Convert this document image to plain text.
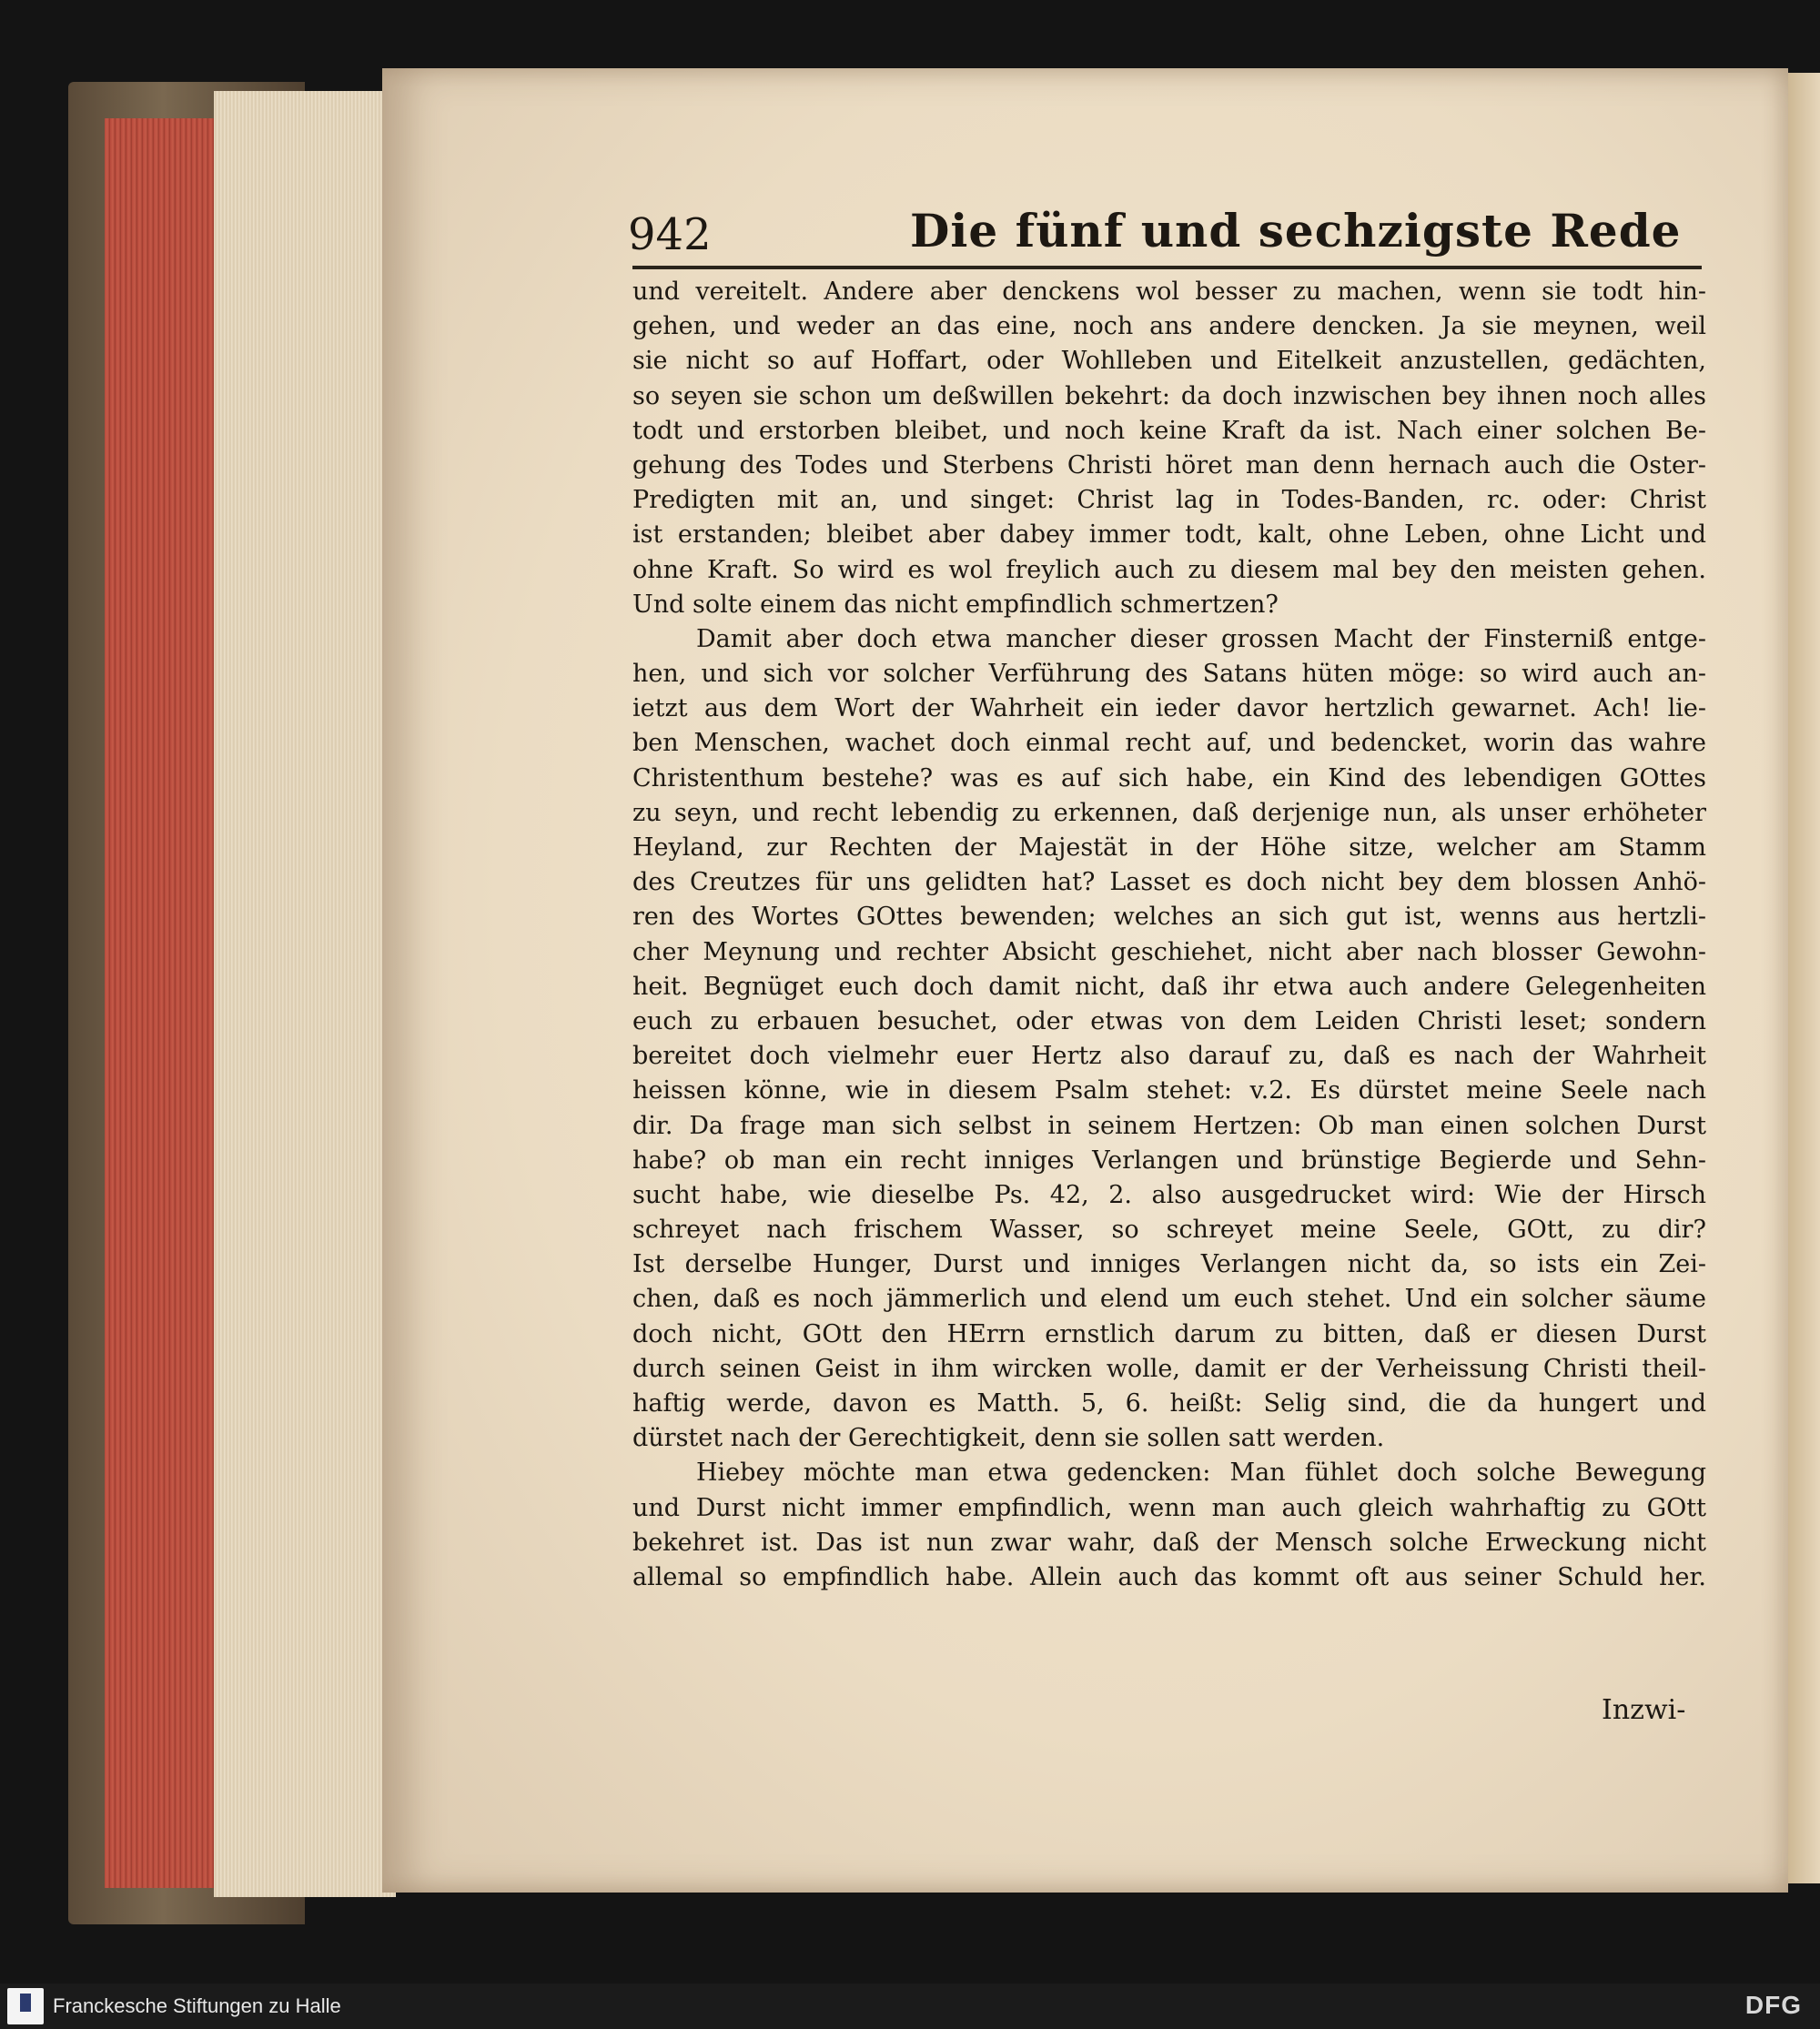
942	Die fünf und sechzigste Rede
und vereitelt. Andere aber denckens wol besser zu machen, wenn sie todt hin-
gehen, und weder an das eine, noch ans andere dencken. Ja sie meynen, weil
sie nicht so auf Hoffart, oder Wohlleben und Eitelkeit anzustellen, gedächten,
so seyen sie schon um deßwillen bekehrt: da doch inzwischen bey ihnen noch alles
todt und erstorben bleibet, und noch keine Kraft da ist. Nach einer solchen Be-
gehung des Todes und Sterbens Christi höret man denn hernach auch die Oster-
Predigten mit an, und singet: Christ lag in Todes-Banden, rc. oder: Christ
ist erstanden; bleibet aber dabey immer todt, kalt, ohne Leben, ohne Licht und
ohne Kraft. So wird es wol freylich auch zu diesem mal bey den meisten gehen.
Und solte einem das nicht empfindlich schmertzen?
Damit aber doch etwa mancher dieser grossen Macht der Finsterniß entge-
hen, und sich vor solcher Verführung des Satans hüten möge: so wird auch an-
ietzt aus dem Wort der Wahrheit ein ieder davor hertzlich gewarnet. Ach! lie-
ben Menschen, wachet doch einmal recht auf, und bedencket, worin das wahre
Christenthum bestehe? was es auf sich habe, ein Kind des lebendigen GOttes
zu seyn, und recht lebendig zu erkennen, daß derjenige nun, als unser erhöheter
Heyland, zur Rechten der Majestät in der Höhe sitze, welcher am Stamm
des Creutzes für uns gelidten hat? Lasset es doch nicht bey dem blossen Anhö-
ren des Wortes GOttes bewenden; welches an sich gut ist, wenns aus hertzli-
cher Meynung und rechter Absicht geschiehet, nicht aber nach blosser Gewohn-
heit. Begnüget euch doch damit nicht, daß ihr etwa auch andere Gelegenheiten
euch zu erbauen besuchet, oder etwas von dem Leiden Christi leset; sondern
bereitet doch vielmehr euer Hertz also darauf zu, daß es nach der Wahrheit
heissen könne, wie in diesem Psalm stehet: v.2. Es dürstet meine Seele nach
dir. Da frage man sich selbst in seinem Hertzen: Ob man einen solchen Durst
habe? ob man ein recht inniges Verlangen und brünstige Begierde und Sehn-
sucht habe, wie dieselbe Ps. 42, 2. also ausgedrucket wird: Wie der Hirsch
schreyet nach frischem Wasser, so schreyet meine Seele, GOtt, zu dir?
Ist derselbe Hunger, Durst und inniges Verlangen nicht da, so ists ein Zei-
chen, daß es noch jämmerlich und elend um euch stehet. Und ein solcher säume
doch nicht, GOtt den HErrn ernstlich darum zu bitten, daß er diesen Durst
durch seinen Geist in ihm wircken wolle, damit er der Verheissung Christi theil-
haftig werde, davon es Matth. 5, 6. heißt: Selig sind, die da hungert und
dürstet nach der Gerechtigkeit, denn sie sollen satt werden.
Hiebey möchte man etwa gedencken: Man fühlet doch solche Bewegung
und Durst nicht immer empfindlich, wenn man auch gleich wahrhaftig zu GOtt
bekehret ist. Das ist nun zwar wahr, daß der Mensch solche Erweckung nicht
allemal so empfindlich habe. Allein auch das kommt oft aus seiner Schuld her.
Inzwi-
Franckesche Stiftungen zu Halle	DFG
